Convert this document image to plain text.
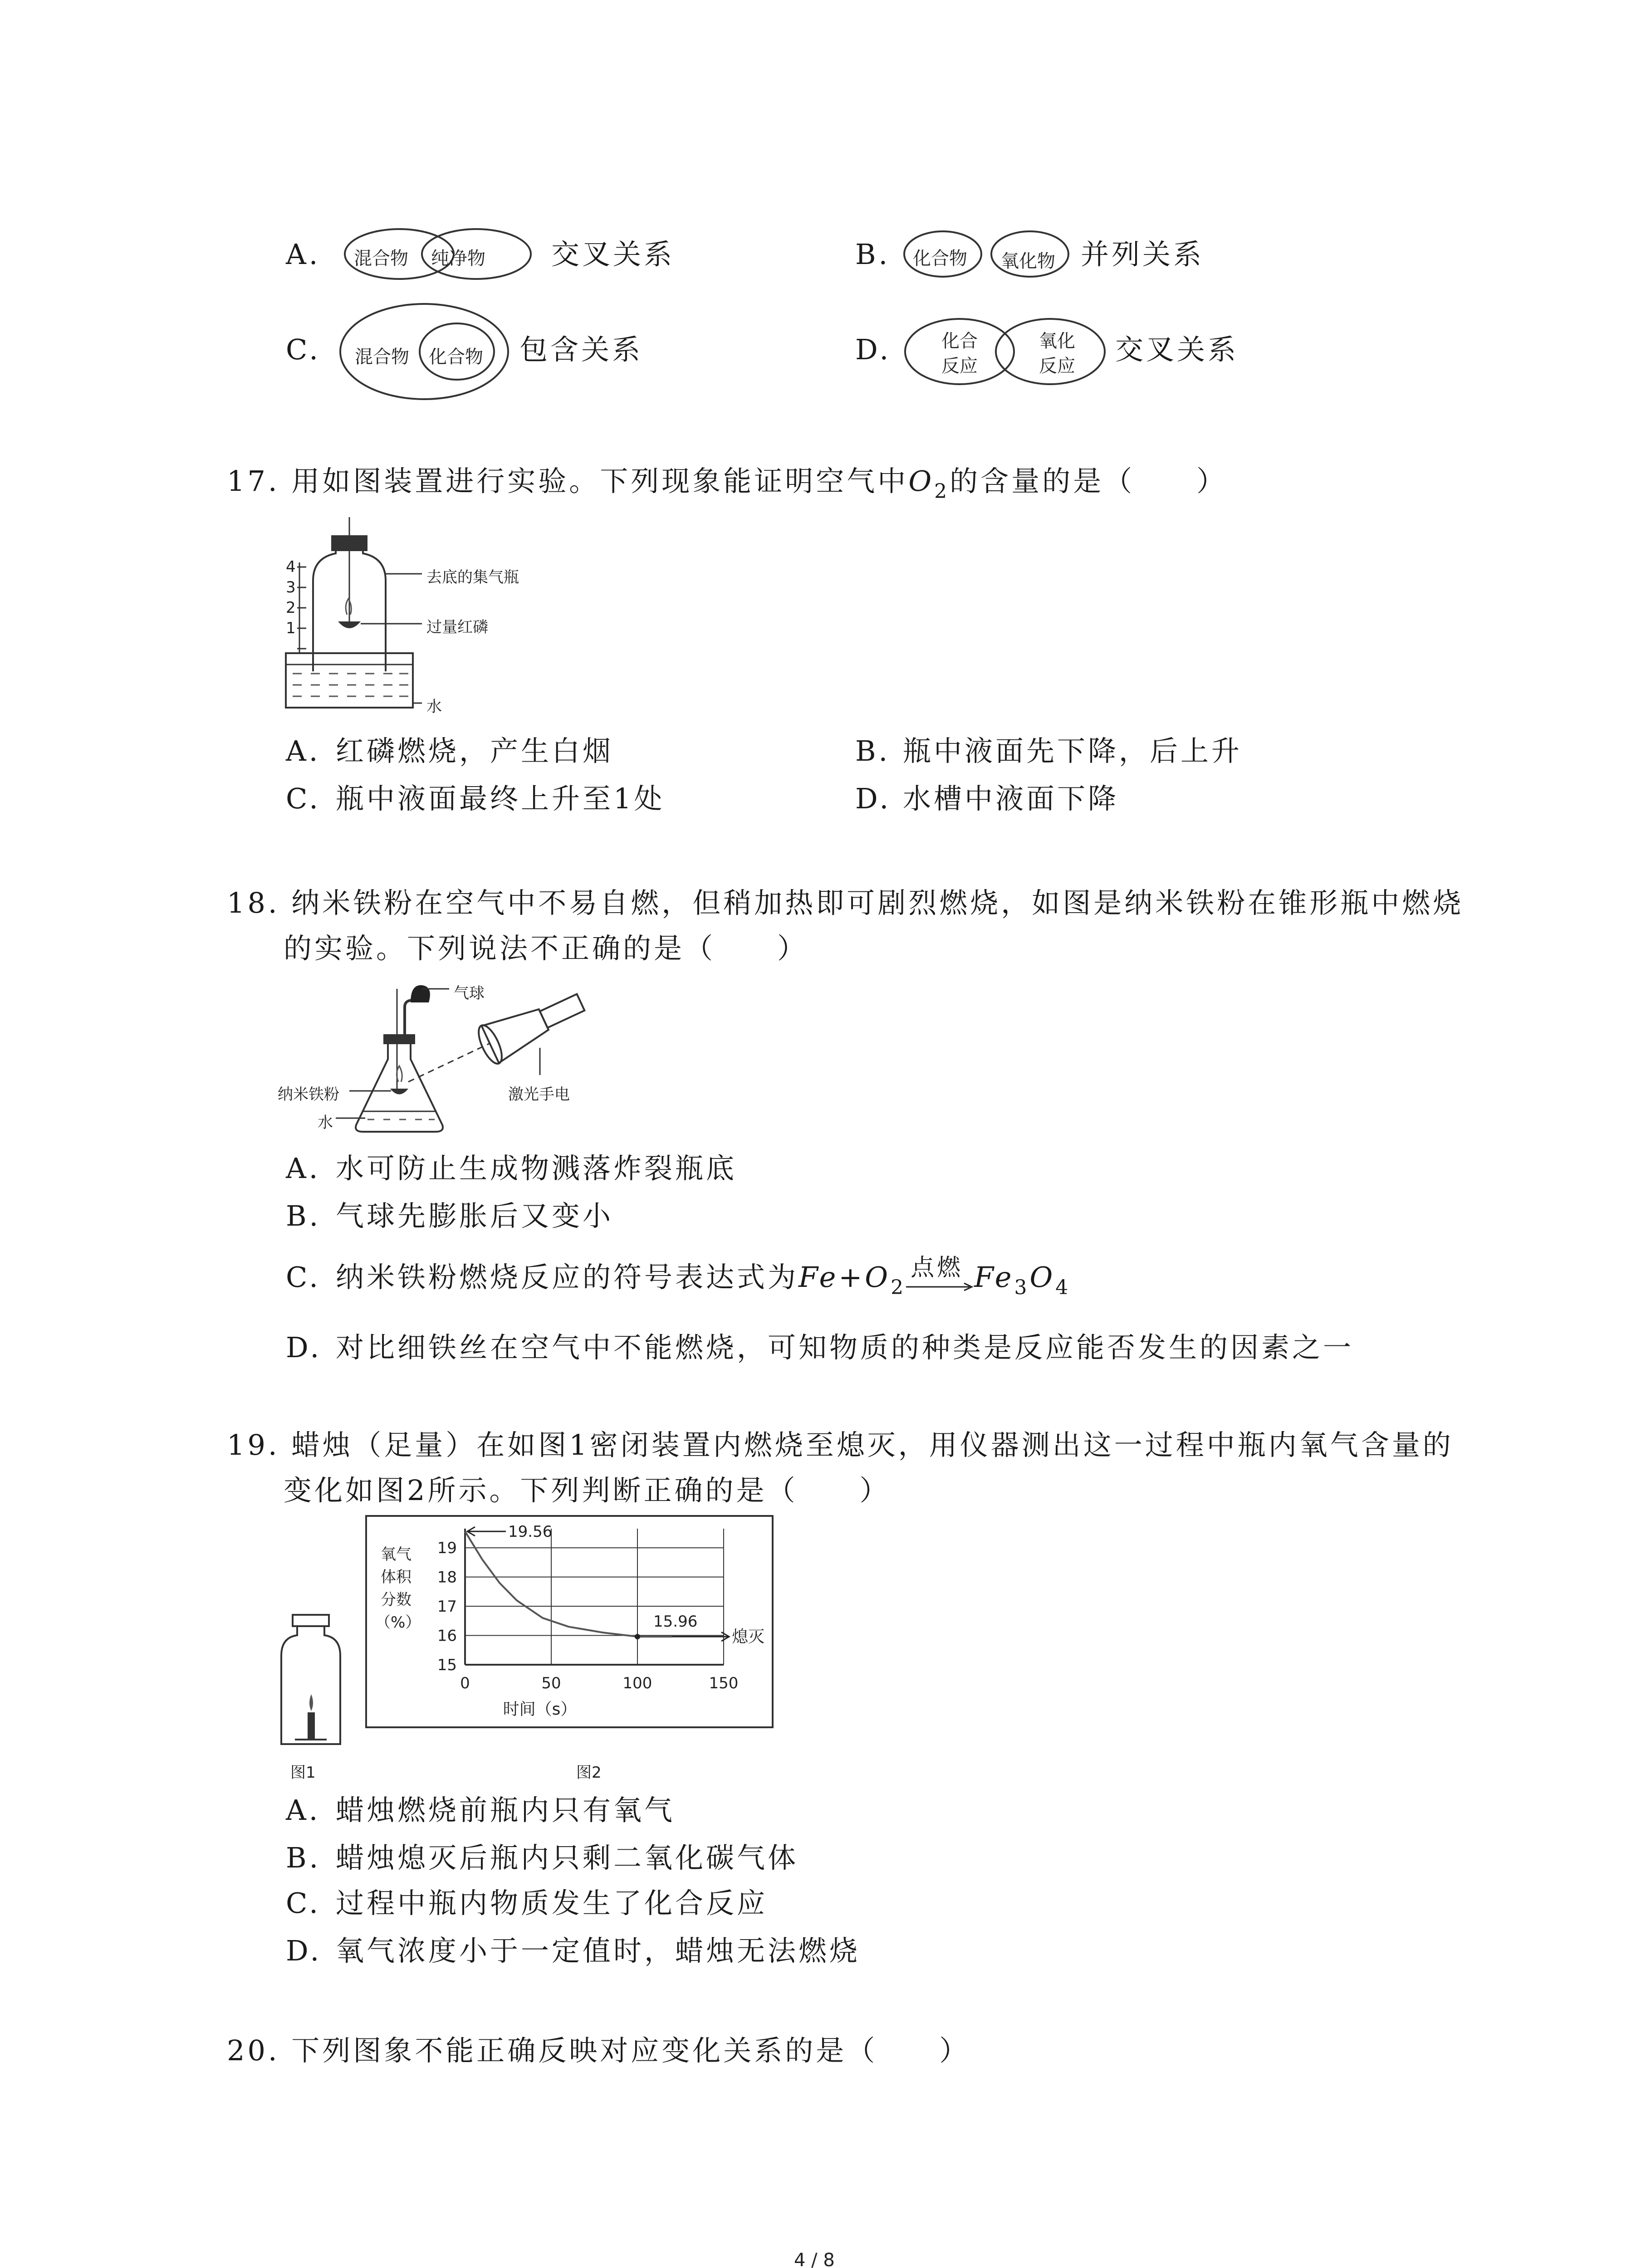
A. 混合物 纯净物 交叉关系	B. 化合物 氧化物 并列关系
C. 混合物 化合物 包含关系	D.	化合
反应
氧化
反应 交叉关系
17. 用如图装置进行实验。下列现象能证明空气中$O_2$的含量的是（　　）
4
3
2
1
去底的集气瓶
过量红磷
水
A. 红磷燃烧，产生白烟	B. 瓶中液面先下降，后上升
C. 瓶中液面最终上升至1处	D. 水槽中液面下降
18. 纳米铁粉在空气中不易自燃，但稍加热即可剧烈燃烧，如图是纳米铁粉在锥形瓶中燃烧
的实验。下列说法不正确的是（　　）
气球
激光手电
纳米铁粉
水
A. 水可防止生成物溅落炸裂瓶底
B. 气球先膨胀后又变小
C. 纳米铁粉燃烧反应的符号表达式为$Fe+O_2$
点燃 $Fe_3O_4$
D. 对比细铁丝在空气中不能燃烧，可知物质的种类是反应能否发生的因素之一
19. 蜡烛（足量）在如图1密闭装置内燃烧至熄灭，用仪器测出这一过程中瓶内氧气含量的
变化如图2所示。下列判断正确的是（　　）
图1
氧气
体积
分数
（%）
15
16
17
18
19
0	50	100	150
时间（s）
19.56
15.96
熄灭
图2
A. 蜡烛燃烧前瓶内只有氧气
B. 蜡烛熄灭后瓶内只剩二氧化碳气体
C. 过程中瓶内物质发生了化合反应
D. 氧气浓度小于一定值时，蜡烛无法燃烧
20. 下列图象不能正确反映对应变化关系的是（　　）
4 / 8
